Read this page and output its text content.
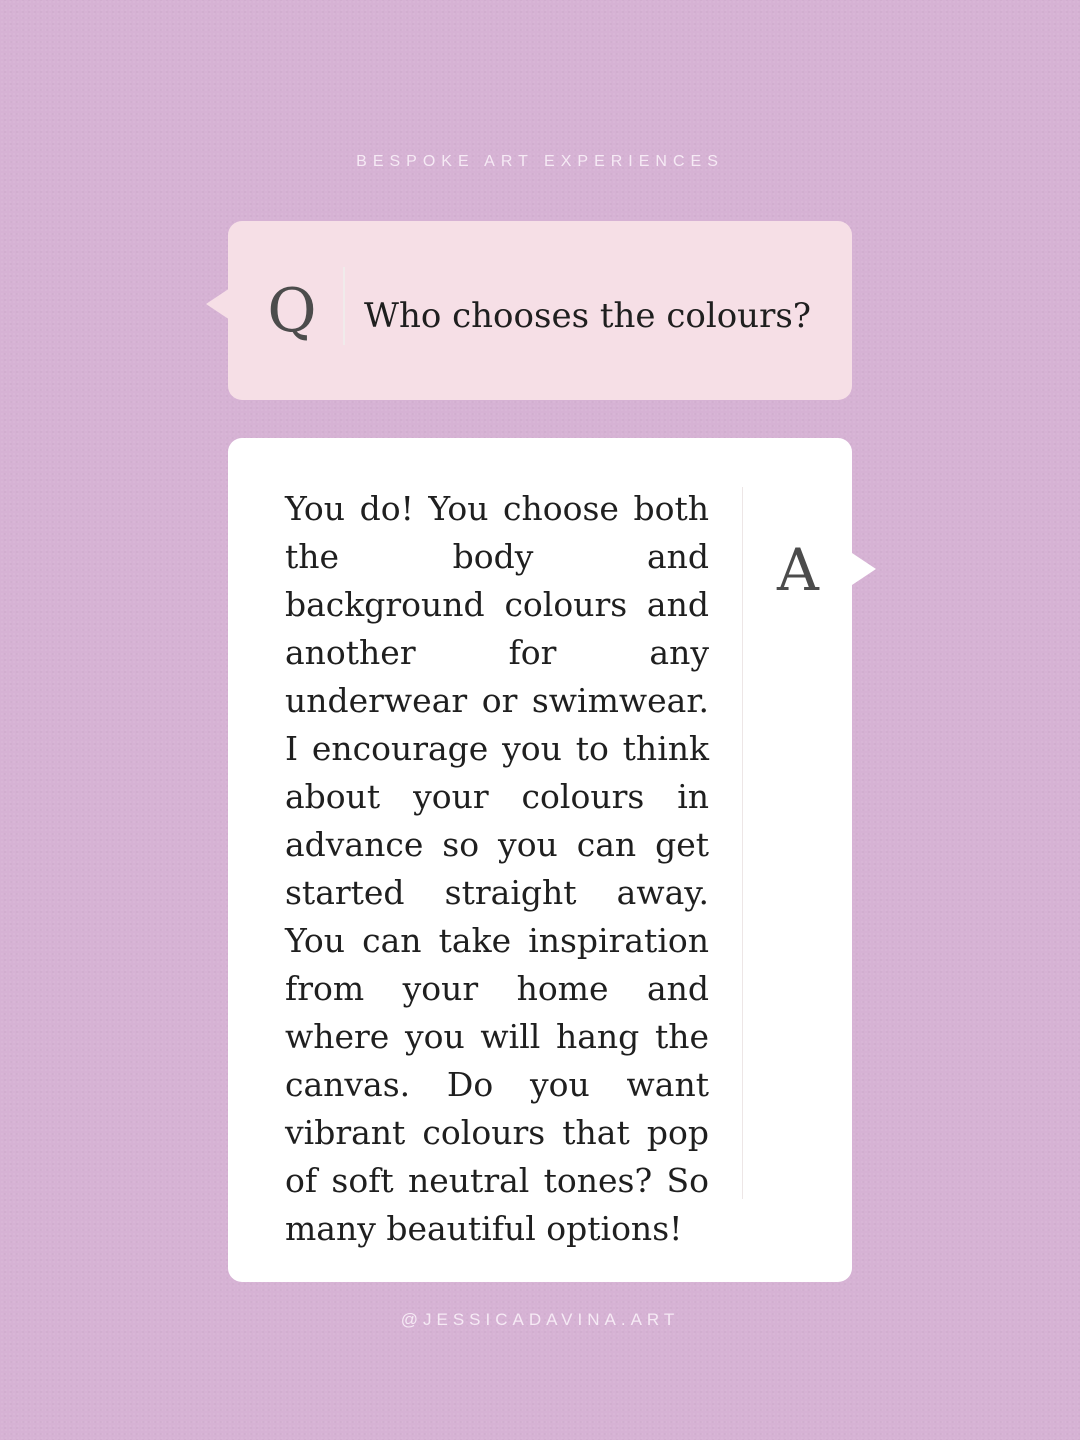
BESPOKE ART EXPERIENCES
Q Who chooses the colours?
You do! You choose both the body and background colours and another for any underwear or swimwear. I encourage you to think about your colours in advance so you can get started straight away. You can take inspiration from your home and where you will hang the canvas. Do you want vibrant colours that pop of soft neutral tones? So many beautiful options!
A
@JESSICADAVINA.ART
